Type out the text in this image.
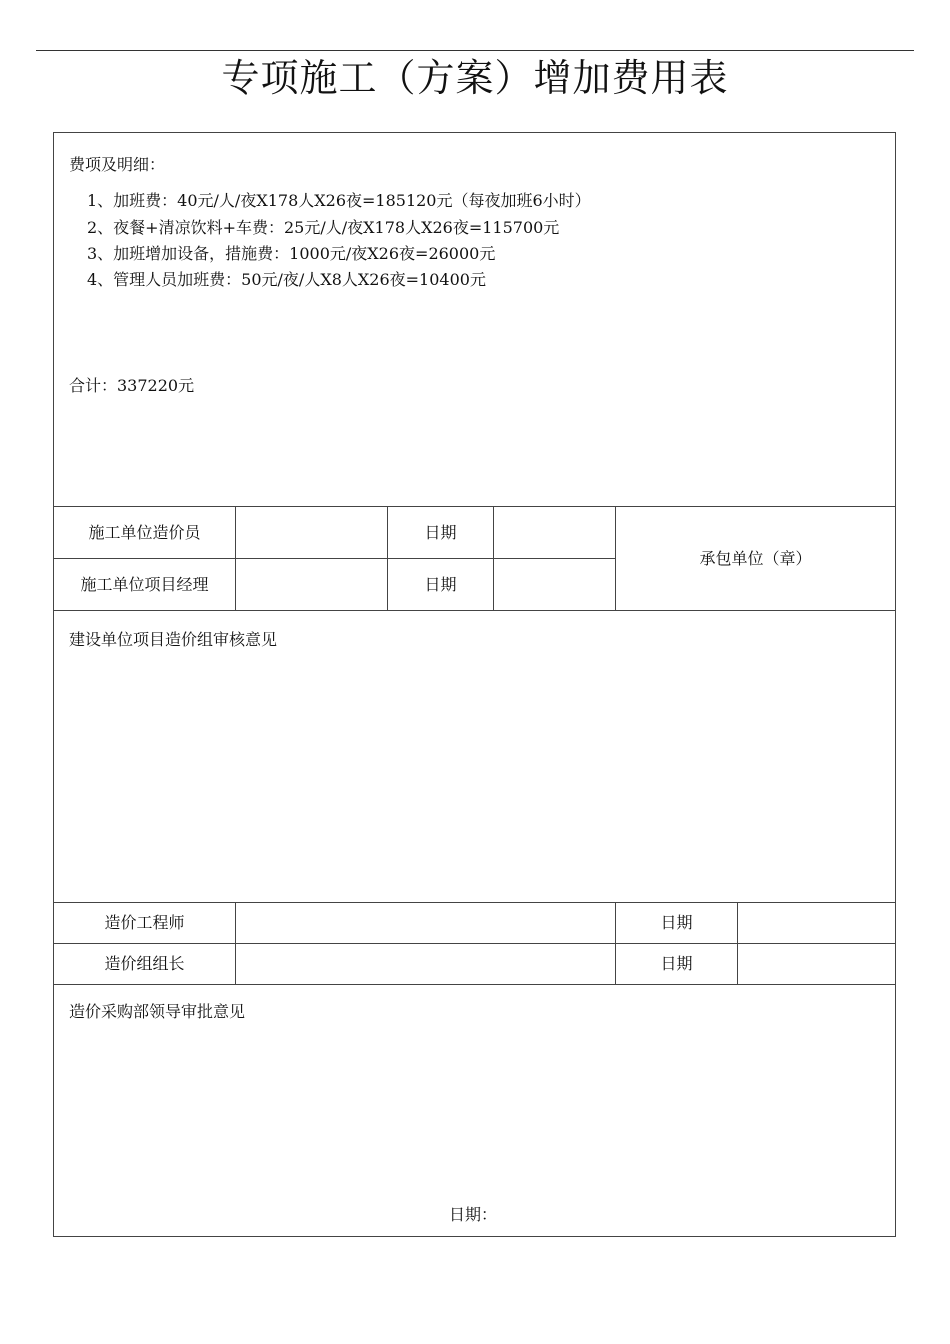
专项施工（方案）增加费用表
费项及明细：
1、加班费：40元/人/夜X178人X26夜=185120元（每夜加班6小时）
2、夜餐+清凉饮料+车费：25元/人/夜X178人X26夜=115700元
3、加班增加设备，措施费：1000元/夜X26夜=26000元
4、管理人员加班费：50元/夜/人X8人X26夜=10400元
合计：337220元
施工单位造价员	日期
施工单位项目经理	日期
承包单位（章）
建设单位项目造价组审核意见
造价工程师	日期
造价组组长	日期
造价采购部领导审批意见
日期：
